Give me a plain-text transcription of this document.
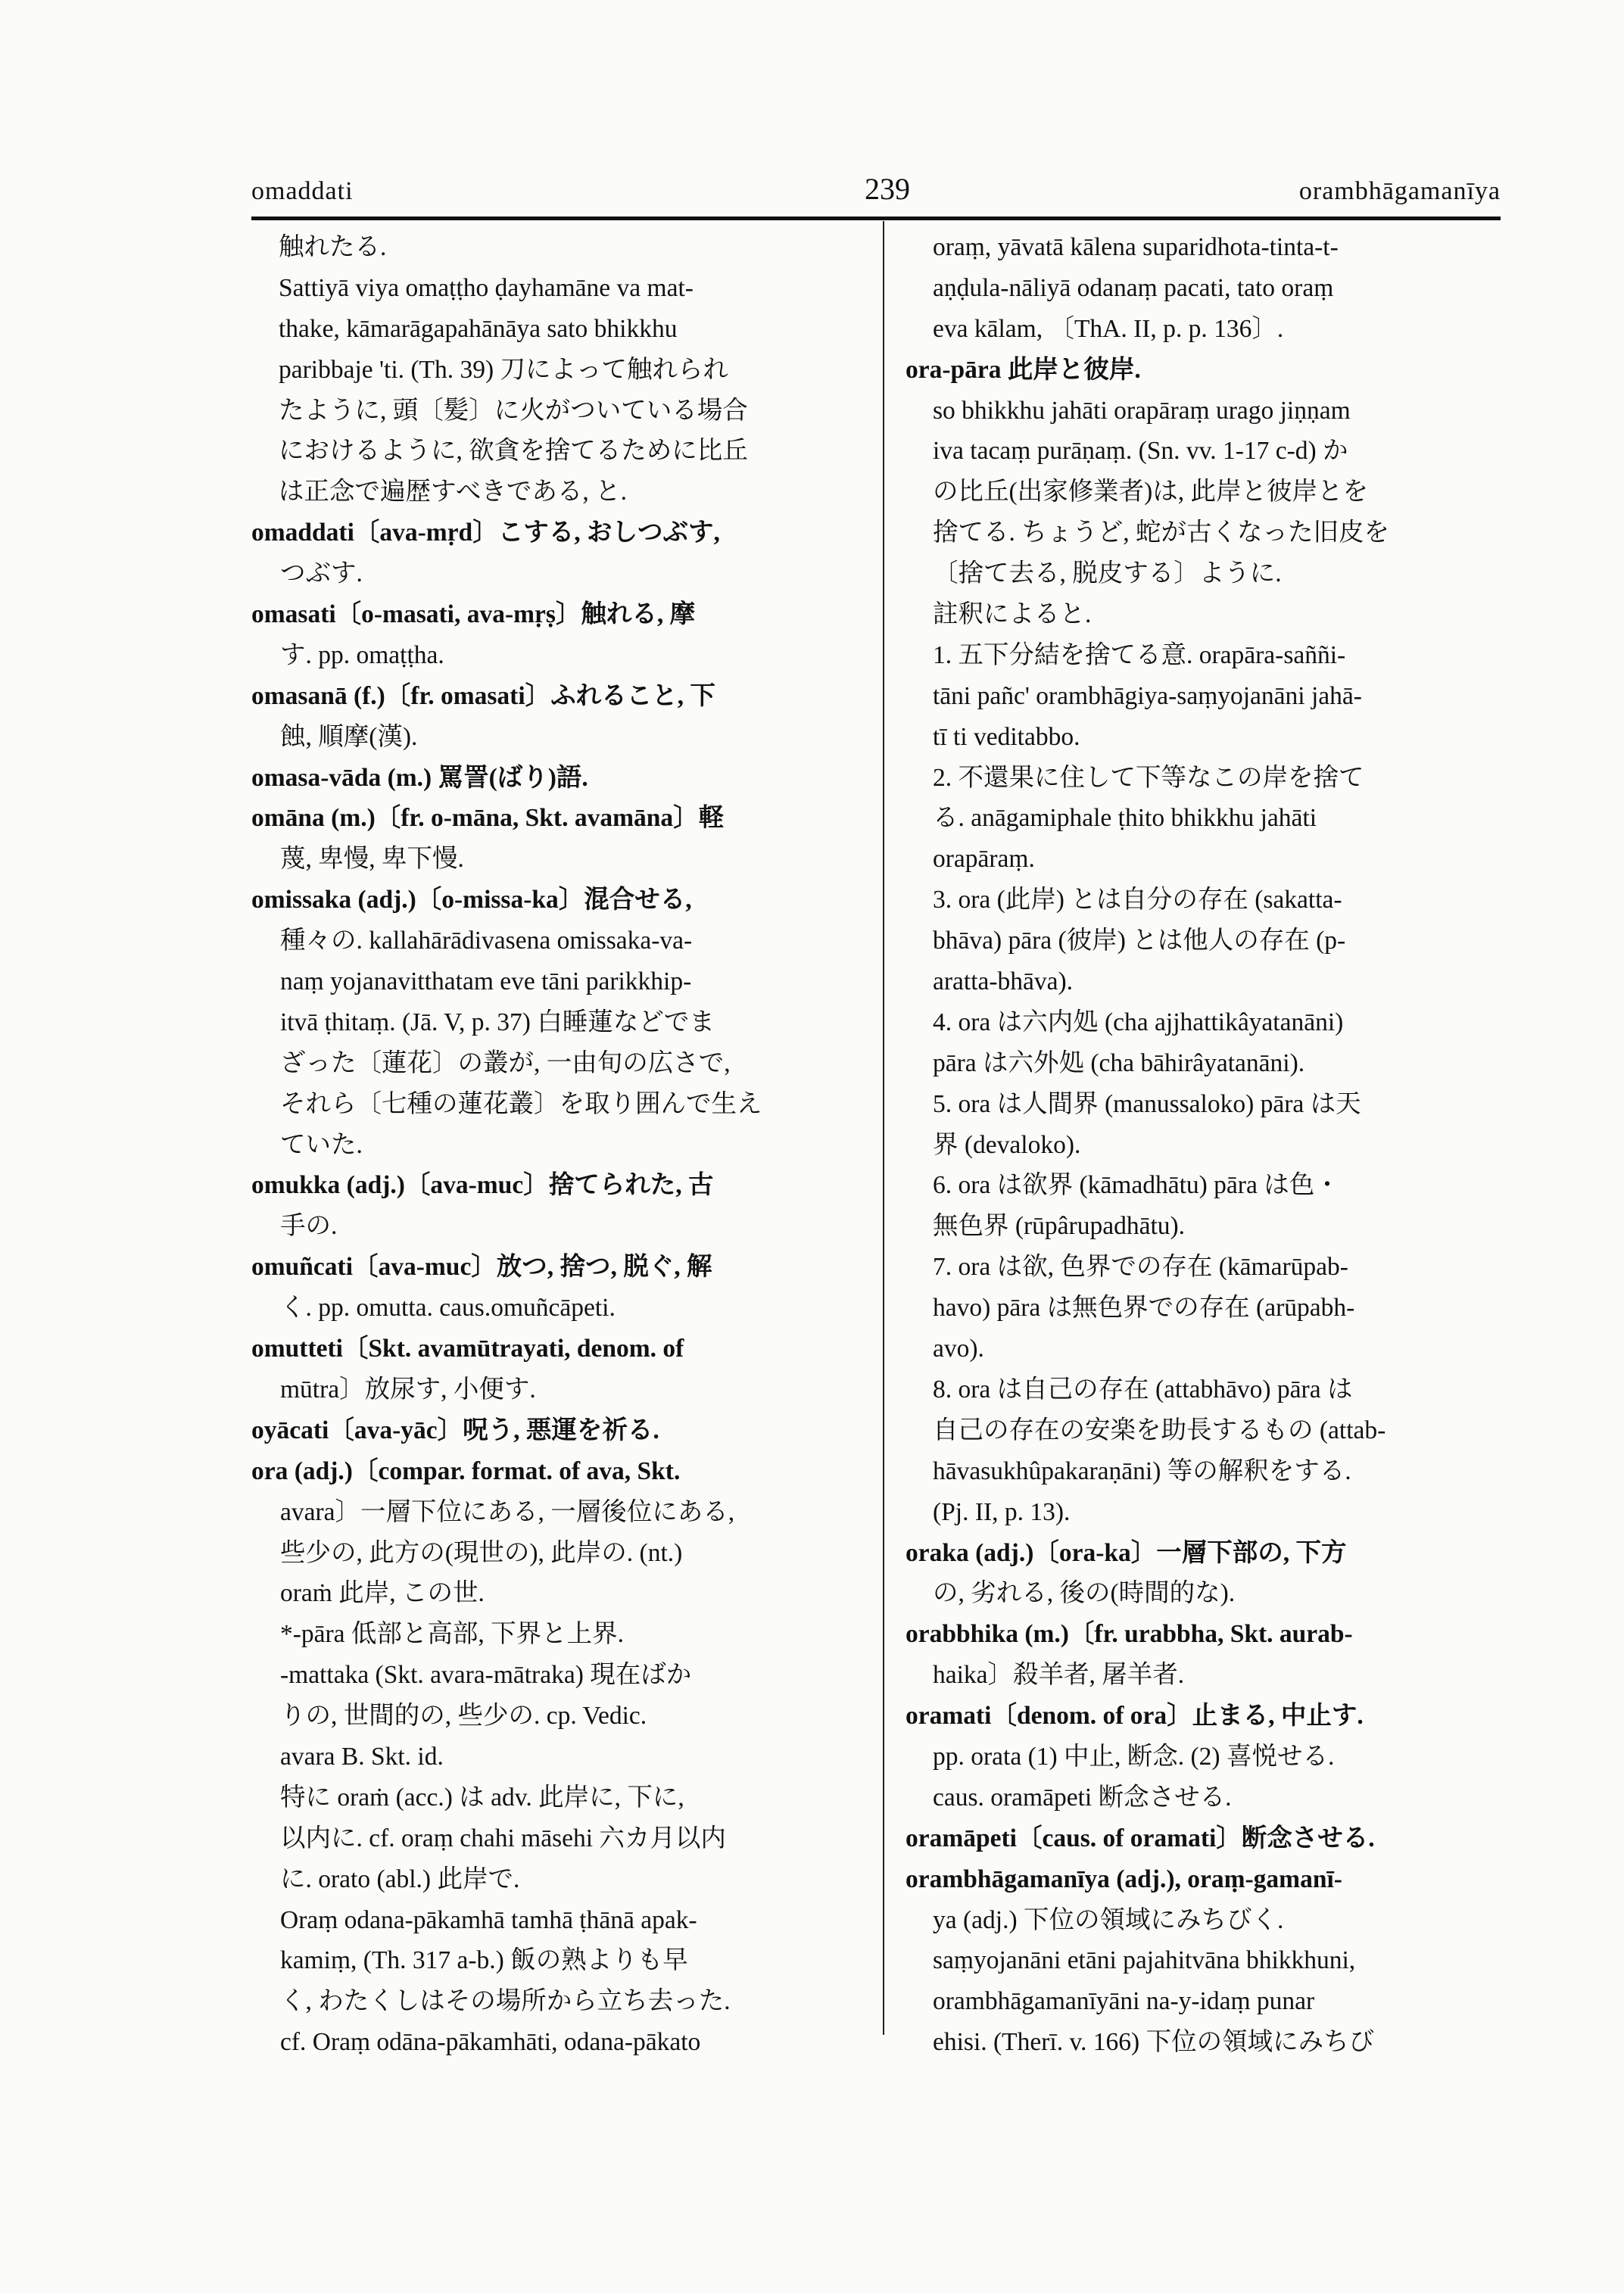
omaddati	239	orambhāgamanīya
触れたる.
Sattiyā viya omaṭṭho ḍayhamāne va mat-
thake, kāmarāgapahānāya sato bhikkhu
paribbaje 'ti. (Th. 39) 刀によって触れられ
たように, 頭〔髪〕に火がついている場合
におけるように, 欲貪を捨てるために比丘
は正念で遍歴すべきである, と.
omaddati〔ava-mṛd〕こする, おしつぶす,
つぶす.
omasati〔o-masati, ava-mṛṣ〕触れる, 摩
す. pp. omaṭṭha.
omasanā (f.)〔fr. omasati〕ふれること, 下
蝕, 順摩(漢).
omasa-vāda (m.) 罵詈(ばり)語.
omāna (m.)〔fr. o-māna, Skt. avamāna〕軽
蔑, 卑慢, 卑下慢.
omissaka (adj.)〔o-missa-ka〕混合せる,
種々の. kallahārādivasena omissaka-va-
naṃ yojanavitthatam eve tāni parikkhip-
itvā ṭhitaṃ. (Jā. V, p. 37) 白睡蓮などでま
ざった〔蓮花〕の叢が, 一由旬の広さで,
それら〔七種の蓮花叢〕を取り囲んで生え
ていた.
omukka (adj.)〔ava-muc〕捨てられた, 古
手の.
omuñcati〔ava-muc〕放つ, 捨つ, 脱ぐ, 解
く. pp. omutta. caus.omuñcāpeti.
omutteti〔Skt. avamūtrayati, denom. of
mūtra〕放尿す, 小便す.
oyācati〔ava-yāc〕呪う, 悪運を祈る.
ora (adj.)〔compar. format. of ava, Skt.
avara〕一層下位にある, 一層後位にある,
些少の, 此方の(現世の), 此岸の. (nt.)
oraṁ 此岸, この世.
*-pāra 低部と高部, 下界と上界.
-mattaka (Skt. avara-mātraka) 現在ばか
りの, 世間的の, 些少の. cp. Vedic.
avara B. Skt. id.
特に oraṁ (acc.) は adv. 此岸に, 下に,
以内に. cf. oraṃ chahi māsehi 六カ月以内
に. orato (abl.) 此岸で.
Oraṃ odana-pākamhā tamhā ṭhānā apak-
kamiṃ, (Th. 317 a-b.) 飯の熟よりも早
く, わたくしはその場所から立ち去った.
cf. Oraṃ odāna-pākamhāti, odana-pākato
oraṃ, yāvatā kālena suparidhota-tinta-t-
aṇḍula-nāliyā odanaṃ pacati, tato oraṃ
eva kālam, 〔ThA. II, p. p. 136〕.
ora-pāra 此岸と彼岸.
so bhikkhu jahāti orapāraṃ urago jiṇṇam
iva tacaṃ purāṇaṃ. (Sn. vv. 1-17 c-d) か
の比丘(出家修業者)は, 此岸と彼岸とを
捨てる. ちょうど, 蛇が古くなった旧皮を
〔捨て去る, 脱皮する〕ように.
註釈によると.
1. 五下分結を捨てる意. orapāra-saññi-
tāni pañc' orambhāgiya-saṃyojanāni jahā-
tī ti veditabbo.
2. 不還果に住して下等なこの岸を捨て
る. anāgamiphale ṭhito bhikkhu jahāti
orapāraṃ.
3. ora (此岸) とは自分の存在 (sakatta-
bhāva) pāra (彼岸) とは他人の存在 (p-
aratta-bhāva).
4. ora は六内処 (cha ajjhattikâyatanāni)
pāra は六外処 (cha bāhirâyatanāni).
5. ora は人間界 (manussaloko) pāra は天
界 (devaloko).
6. ora は欲界 (kāmadhātu) pāra は色・
無色界 (rūpârupadhātu).
7. ora は欲, 色界での存在 (kāmarūpab-
havo) pāra は無色界での存在 (arūpabh-
avo).
8. ora は自己の存在 (attabhāvo) pāra は
自己の存在の安楽を助長するもの (attab-
hāvasukhûpakaraṇāni) 等の解釈をする.
(Pj. II, p. 13).
oraka (adj.)〔ora-ka〕一層下部の, 下方
の, 劣れる, 後の(時間的な).
orabbhika (m.)〔fr. urabbha, Skt. aurab-
haika〕殺羊者, 屠羊者.
oramati〔denom. of ora〕止まる, 中止す.
pp. orata (1) 中止, 断念. (2) 喜悦せる.
caus. oramāpeti 断念させる.
oramāpeti〔caus. of oramati〕断念させる.
orambhāgamanīya (adj.), oraṃ-gamanī-
ya (adj.) 下位の領域にみちびく.
saṃyojanāni etāni pajahitvāna bhikkhuni,
orambhāgamanīyāni na-y-idaṃ punar
ehisi. (Therī. v. 166) 下位の領域にみちび
